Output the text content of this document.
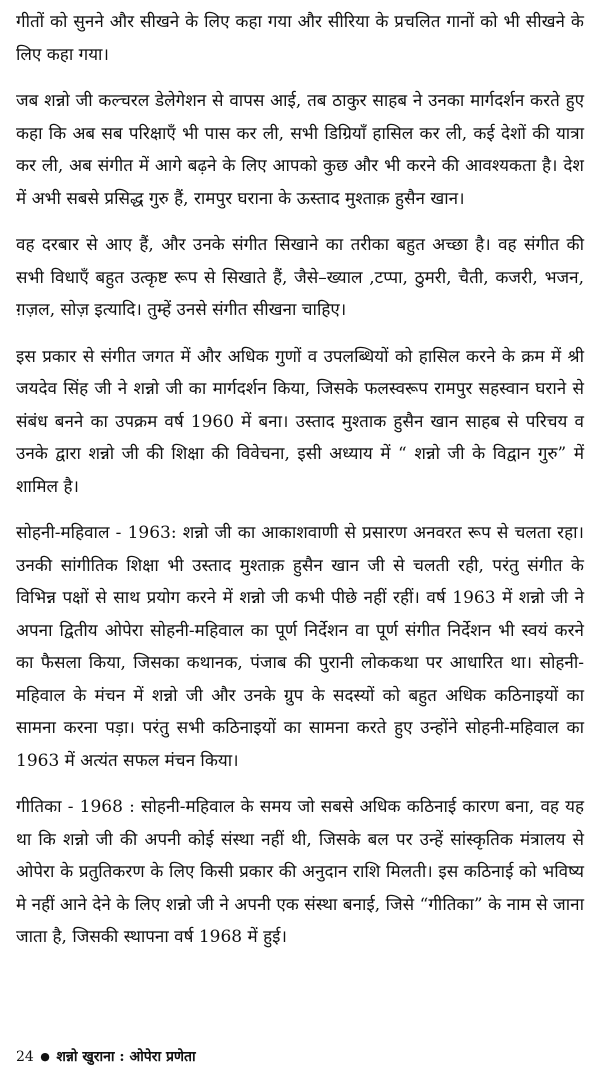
गीतों को सुनने और सीखने के लिए कहा गया और सीरिया के प्रचलित गानों को भी सीखने के लिए कहा गया।

जब शन्नो जी कल्चरल डेलेगेशन से वापस आई, तब ठाकुर साहब ने उनका मार्गदर्शन करते हुए कहा कि अब सब परिक्षाएँ भी पास कर ली, सभी डिग्रियाँ हासिल कर ली, कई देशों की यात्रा कर ली, अब संगीत में आगे बढ़ने के लिए आपको कुछ और भी करने की आवश्यकता है। देश में अभी सबसे प्रसिद्ध गुरु हैं, रामपुर घराना के ऊस्ताद मुश्ताक़ हुसैन खान।

वह दरबार से आए हैं, और उनके संगीत सिखाने का तरीका बहुत अच्छा है। वह संगीत की सभी विधाएँ बहुत उत्कृष्ट रूप से सिखाते हैं, जैसे–ख्याल ,टप्पा, ठुमरी, चैती, कजरी, भजन, ग़ज़ल, सोज़ इत्यादि। तुम्हें उनसे संगीत सीखना चाहिए।

इस प्रकार से संगीत जगत में और अधिक गुणों व उपलब्धियों को हासिल करने के क्रम में श्री जयदेव सिंह जी ने शन्नो जी का मार्गदर्शन किया, जिसके फलस्वरूप रामपुर सहस्वान घराने से संबंध बनने का उपक्रम वर्ष 1960 में बना। उस्ताद मुश्ताक हुसैन खान साहब से परिचय व उनके द्वारा शन्नो जी की शिक्षा की विवेचना, इसी अध्याय में “ शन्नो जी के विद्वान गुरु” में शामिल है।

सोहनी-महिवाल - 1963: शन्नो जी का आकाशवाणी से प्रसारण अनवरत रूप से चलता रहा। उनकी सांगीतिक शिक्षा भी उस्ताद मुश्ताक़ हुसैन खान जी से चलती रही, परंतु संगीत के विभिन्न पक्षों से साथ प्रयोग करने में शन्नो जी कभी पीछे नहीं रहीं। वर्ष 1963 में शन्नो जी ने अपना द्वितीय ओपेरा सोहनी-महिवाल का पूर्ण निर्देशन वा पूर्ण संगीत निर्देशन भी स्वयं करने का फैसला किया, जिसका कथानक, पंजाब की पुरानी लोककथा पर आधारित था। सोहनी-महिवाल के मंचन में शन्नो जी और उनके ग्रुप के सदस्यों को बहुत अधिक कठिनाइयों का सामना करना पड़ा। परंतु सभी कठिनाइयों का सामना करते हुए उन्होंने सोहनी-महिवाल का 1963 में अत्यंत सफल मंचन किया।

गीतिका - 1968 : सोहनी-महिवाल के समय जो सबसे अधिक कठिनाई कारण बना, वह यह था कि शन्नो जी की अपनी कोई संस्था नहीं थी, जिसके बल पर उन्हें सांस्कृतिक मंत्रालय से ओपेरा के प्रतुतिकरण के लिए किसी प्रकार की अनुदान राशि मिलती। इस कठिनाई को भविष्य मे नहीं आने देने के लिए शन्नो जी ने अपनी एक संस्था बनाई, जिसे “गीतिका” के नाम से जाना जाता है, जिसकी स्थापना वर्ष 1968 में हुई।

24 ● शन्नो खुराना : ओपेरा प्रणेता
